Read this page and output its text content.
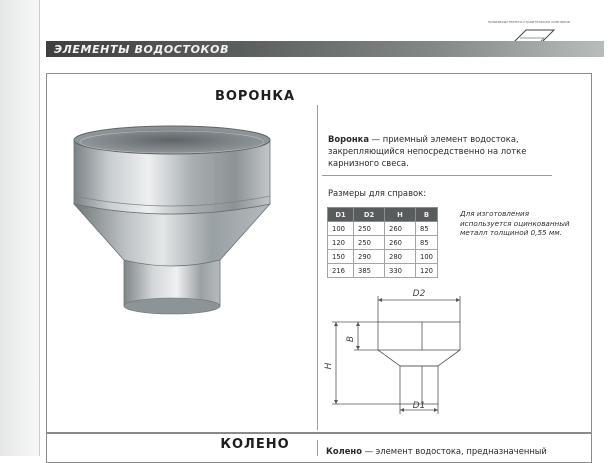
производственно-строительная компания
ЭЛЕМЕНТЫ ВОДОСТОКОВ
ВОРОНКА
Воронка — приемный элемент водостока, закрепляющийся непосредственно на лотке карнизного свеса.
Размеры для справок:
D1	D2	H	B
100	250	260	85
120	250	260	85
150	290	280	100
216	385	330	120
Для изготовления используется оцинкованный металл толщиной 0,55 мм.
D2
D1
H
B
КОЛЕНО	Колено — элемент водостока, предназначенный
